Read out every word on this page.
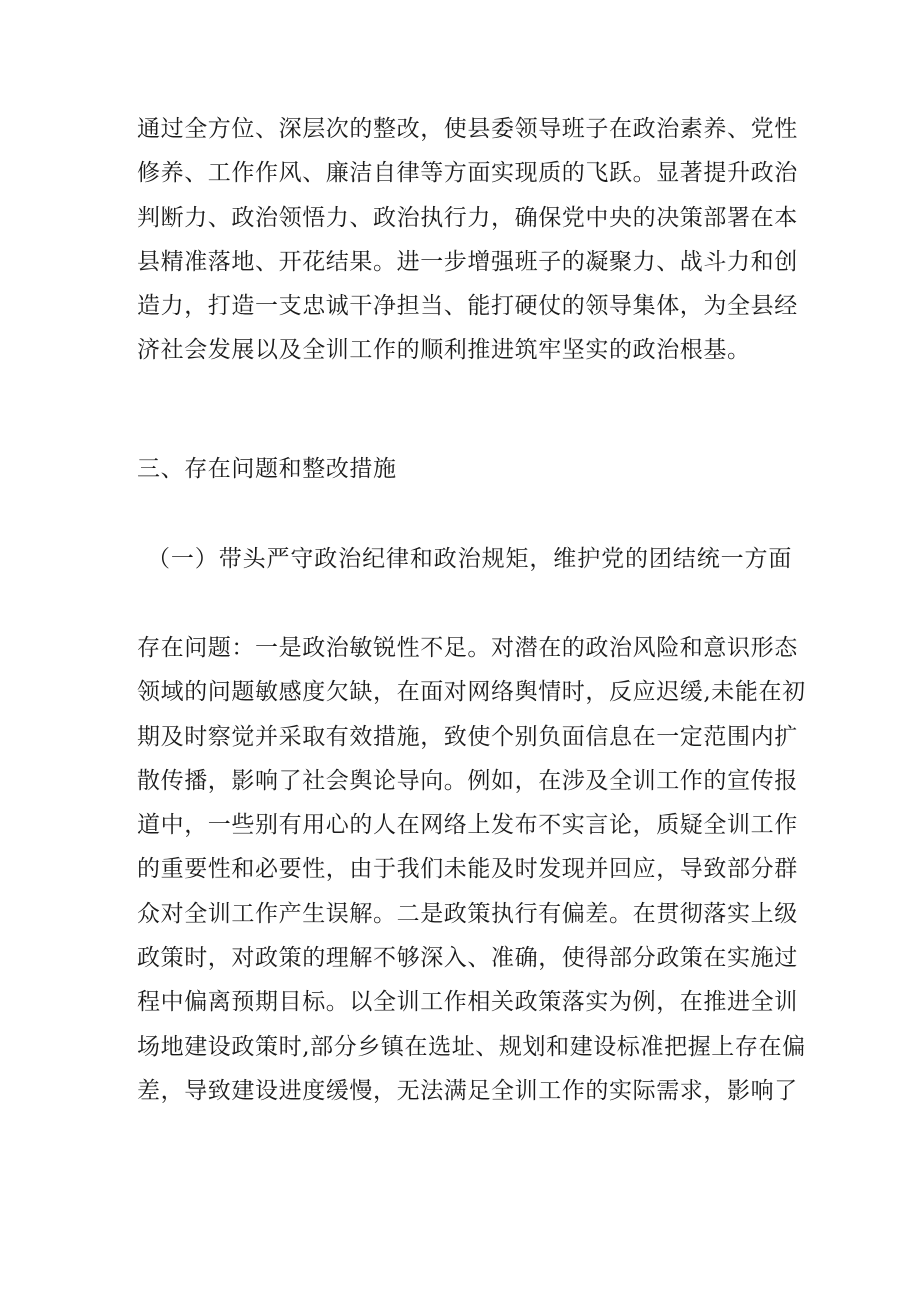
通过全方位、深层次的整改，使县委领导班子在政治素养、党性
修养、工作作风、廉洁自律等方面实现质的飞跃。显著提升政治
判断力、政治领悟力、政治执行力，确保党中央的决策部署在本
县精准落地、开花结果。进一步增强班子的凝聚力、战斗力和创
造力，打造一支忠诚干净担当、能打硬仗的领导集体，为全县经
济社会发展以及全训工作的顺利推进筑牢坚实的政治根基。
三、存在问题和整改措施
（一）带头严守政治纪律和政治规矩，维护党的团结统一方面
存在问题：一是政治敏锐性不足。对潜在的政治风险和意识形态
领域的问题敏感度欠缺，在面对网络舆情时，反应迟缓,未能在初
期及时察觉并采取有效措施，致使个别负面信息在一定范围内扩
散传播，影响了社会舆论导向。例如，在涉及全训工作的宣传报
道中，一些别有用心的人在网络上发布不实言论，质疑全训工作
的重要性和必要性，由于我们未能及时发现并回应，导致部分群
众对全训工作产生误解。二是政策执行有偏差。在贯彻落实上级
政策时，对政策的理解不够深入、准确，使得部分政策在实施过
程中偏离预期目标。以全训工作相关政策落实为例，在推进全训
场地建设政策时,部分乡镇在选址、规划和建设标准把握上存在偏
差，导致建设进度缓慢，无法满足全训工作的实际需求，影响了
